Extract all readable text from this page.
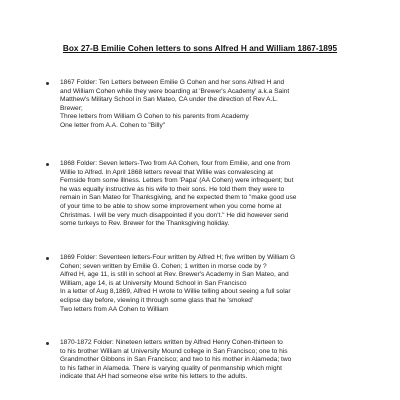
Box 27-B Emilie Cohen letters to sons Alfred H and William 1867-1895
1867 Folder: Ten Letters between Emilie G Cohen and her sons Alfred H and
and William Cohen while they were boarding at 'Brewer's Academy' a.k.a Saint
Matthew's Military School in San Mateo, CA under the direction of Rev A.L.
Brewer;
Three letters from William G Cohen to his parents from Academy
One letter from A.A. Cohen to "Billy"
1868 Folder: Seven letters-Two from AA Cohen, four from Emilie, and one from
Willie to Alfred. In April 1868 letters reveal that Willie was convalescing at
Fernside from some illness. Letters from 'Papa' (AA Cohen) were infrequent; but
he was equally instructive as his wife to their sons. He told them they were to
remain in San Mateo for Thanksgiving, and he expected them to "make good use
of your time to be able to show some improvement when you come home at
Christmas. I will be very much disappointed if you don't." He did however send
some turkeys to Rev. Brewer for the Thanksgiving holiday.
1869 Folder: Seventeen letters-Four written by Alfred H; five written by William G
Cohen; seven written by Emilie G. Cohen; 1 written in morse code by ?
Alfred H, age 11, is still in school at Rev. Brewer's Academy in San Mateo, and
William, age 14, is at University Mound School in San Francisco
In a letter of Aug 8,1869, Alfred H wrote to Willie telling about seeing a full solar
eclipse day before, viewing it through some glass that he 'smoked'
Two letters from AA Cohen to William
1870-1872 Folder: Nineteen letters written by Alfred Henry Cohen-thirteen to
to his brother William at University Mound college in San Francisco; one to his
Grandmother Gibbons in San Francisco; and two to his mother in Alameda; two
to his father in Alameda. There is varying quality of penmanship which might
indicate that AH had someone else write his letters to the adults.
